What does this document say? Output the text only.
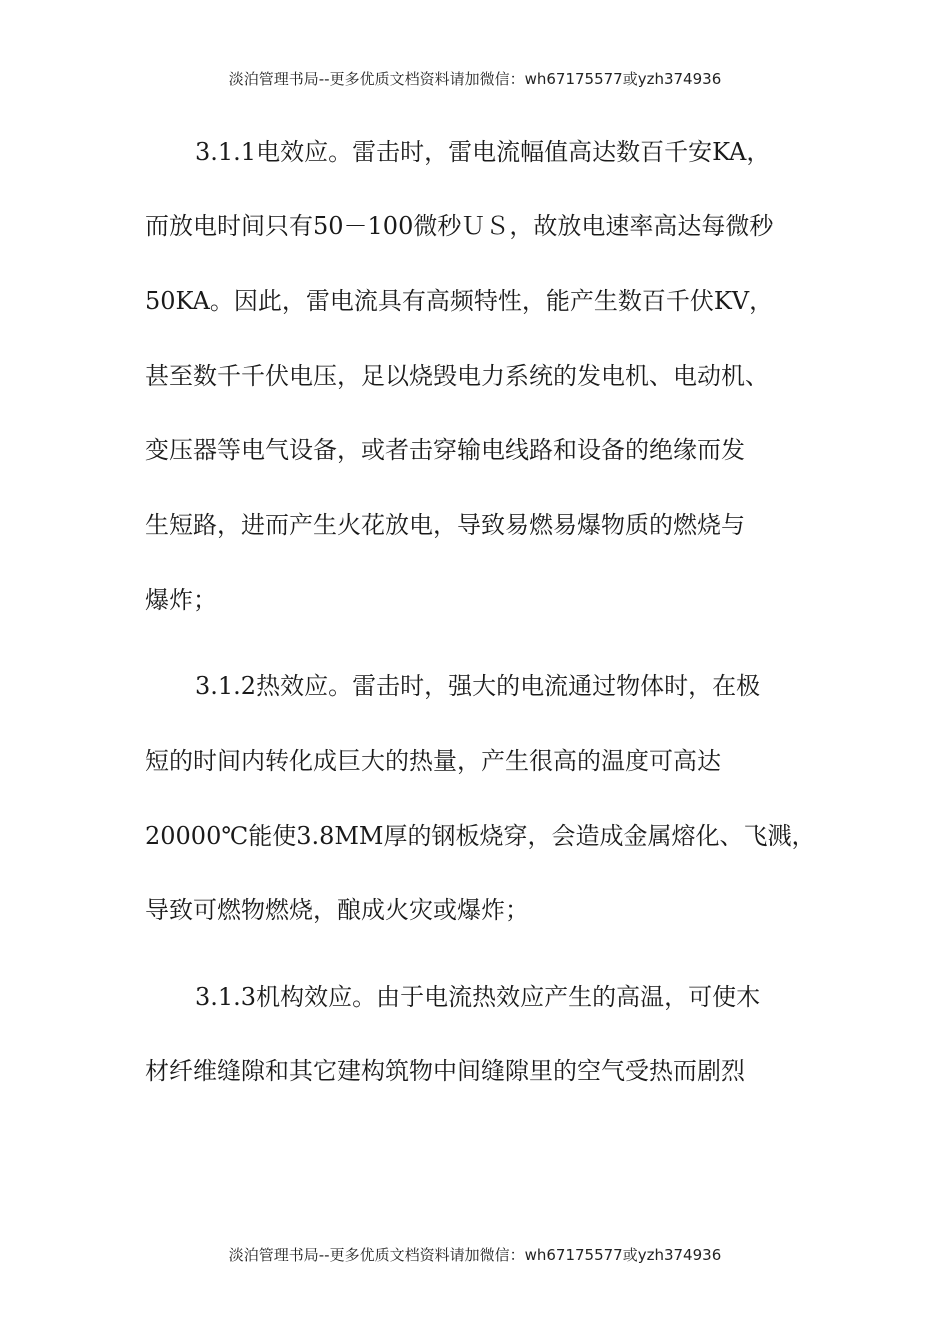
淡泊管理书局--更多优质文档资料请加微信：wh67175577或yzh374936
3.1.1电效应。雷击时，雷电流幅值高达数百千安KA，
而放电时间只有50－100微秒ＵＳ，故放电速率高达每微秒
50KA。因此，雷电流具有高频特性，能产生数百千伏KV，
甚至数千千伏电压，足以烧毁电力系统的发电机、电动机、
变压器等电气设备，或者击穿输电线路和设备的绝缘而发
生短路，进而产生火花放电，导致易燃易爆物质的燃烧与
爆炸；
3.1.2热效应。雷击时，强大的电流通过物体时，在极
短的时间内转化成巨大的热量，产生很高的温度可高达
20000℃能使3.8MM厚的钢板烧穿，会造成金属熔化、飞溅，
导致可燃物燃烧，酿成火灾或爆炸；
3.1.3机构效应。由于电流热效应产生的高温，可使木
材纤维缝隙和其它建构筑物中间缝隙里的空气受热而剧烈
淡泊管理书局--更多优质文档资料请加微信：wh67175577或yzh374936
